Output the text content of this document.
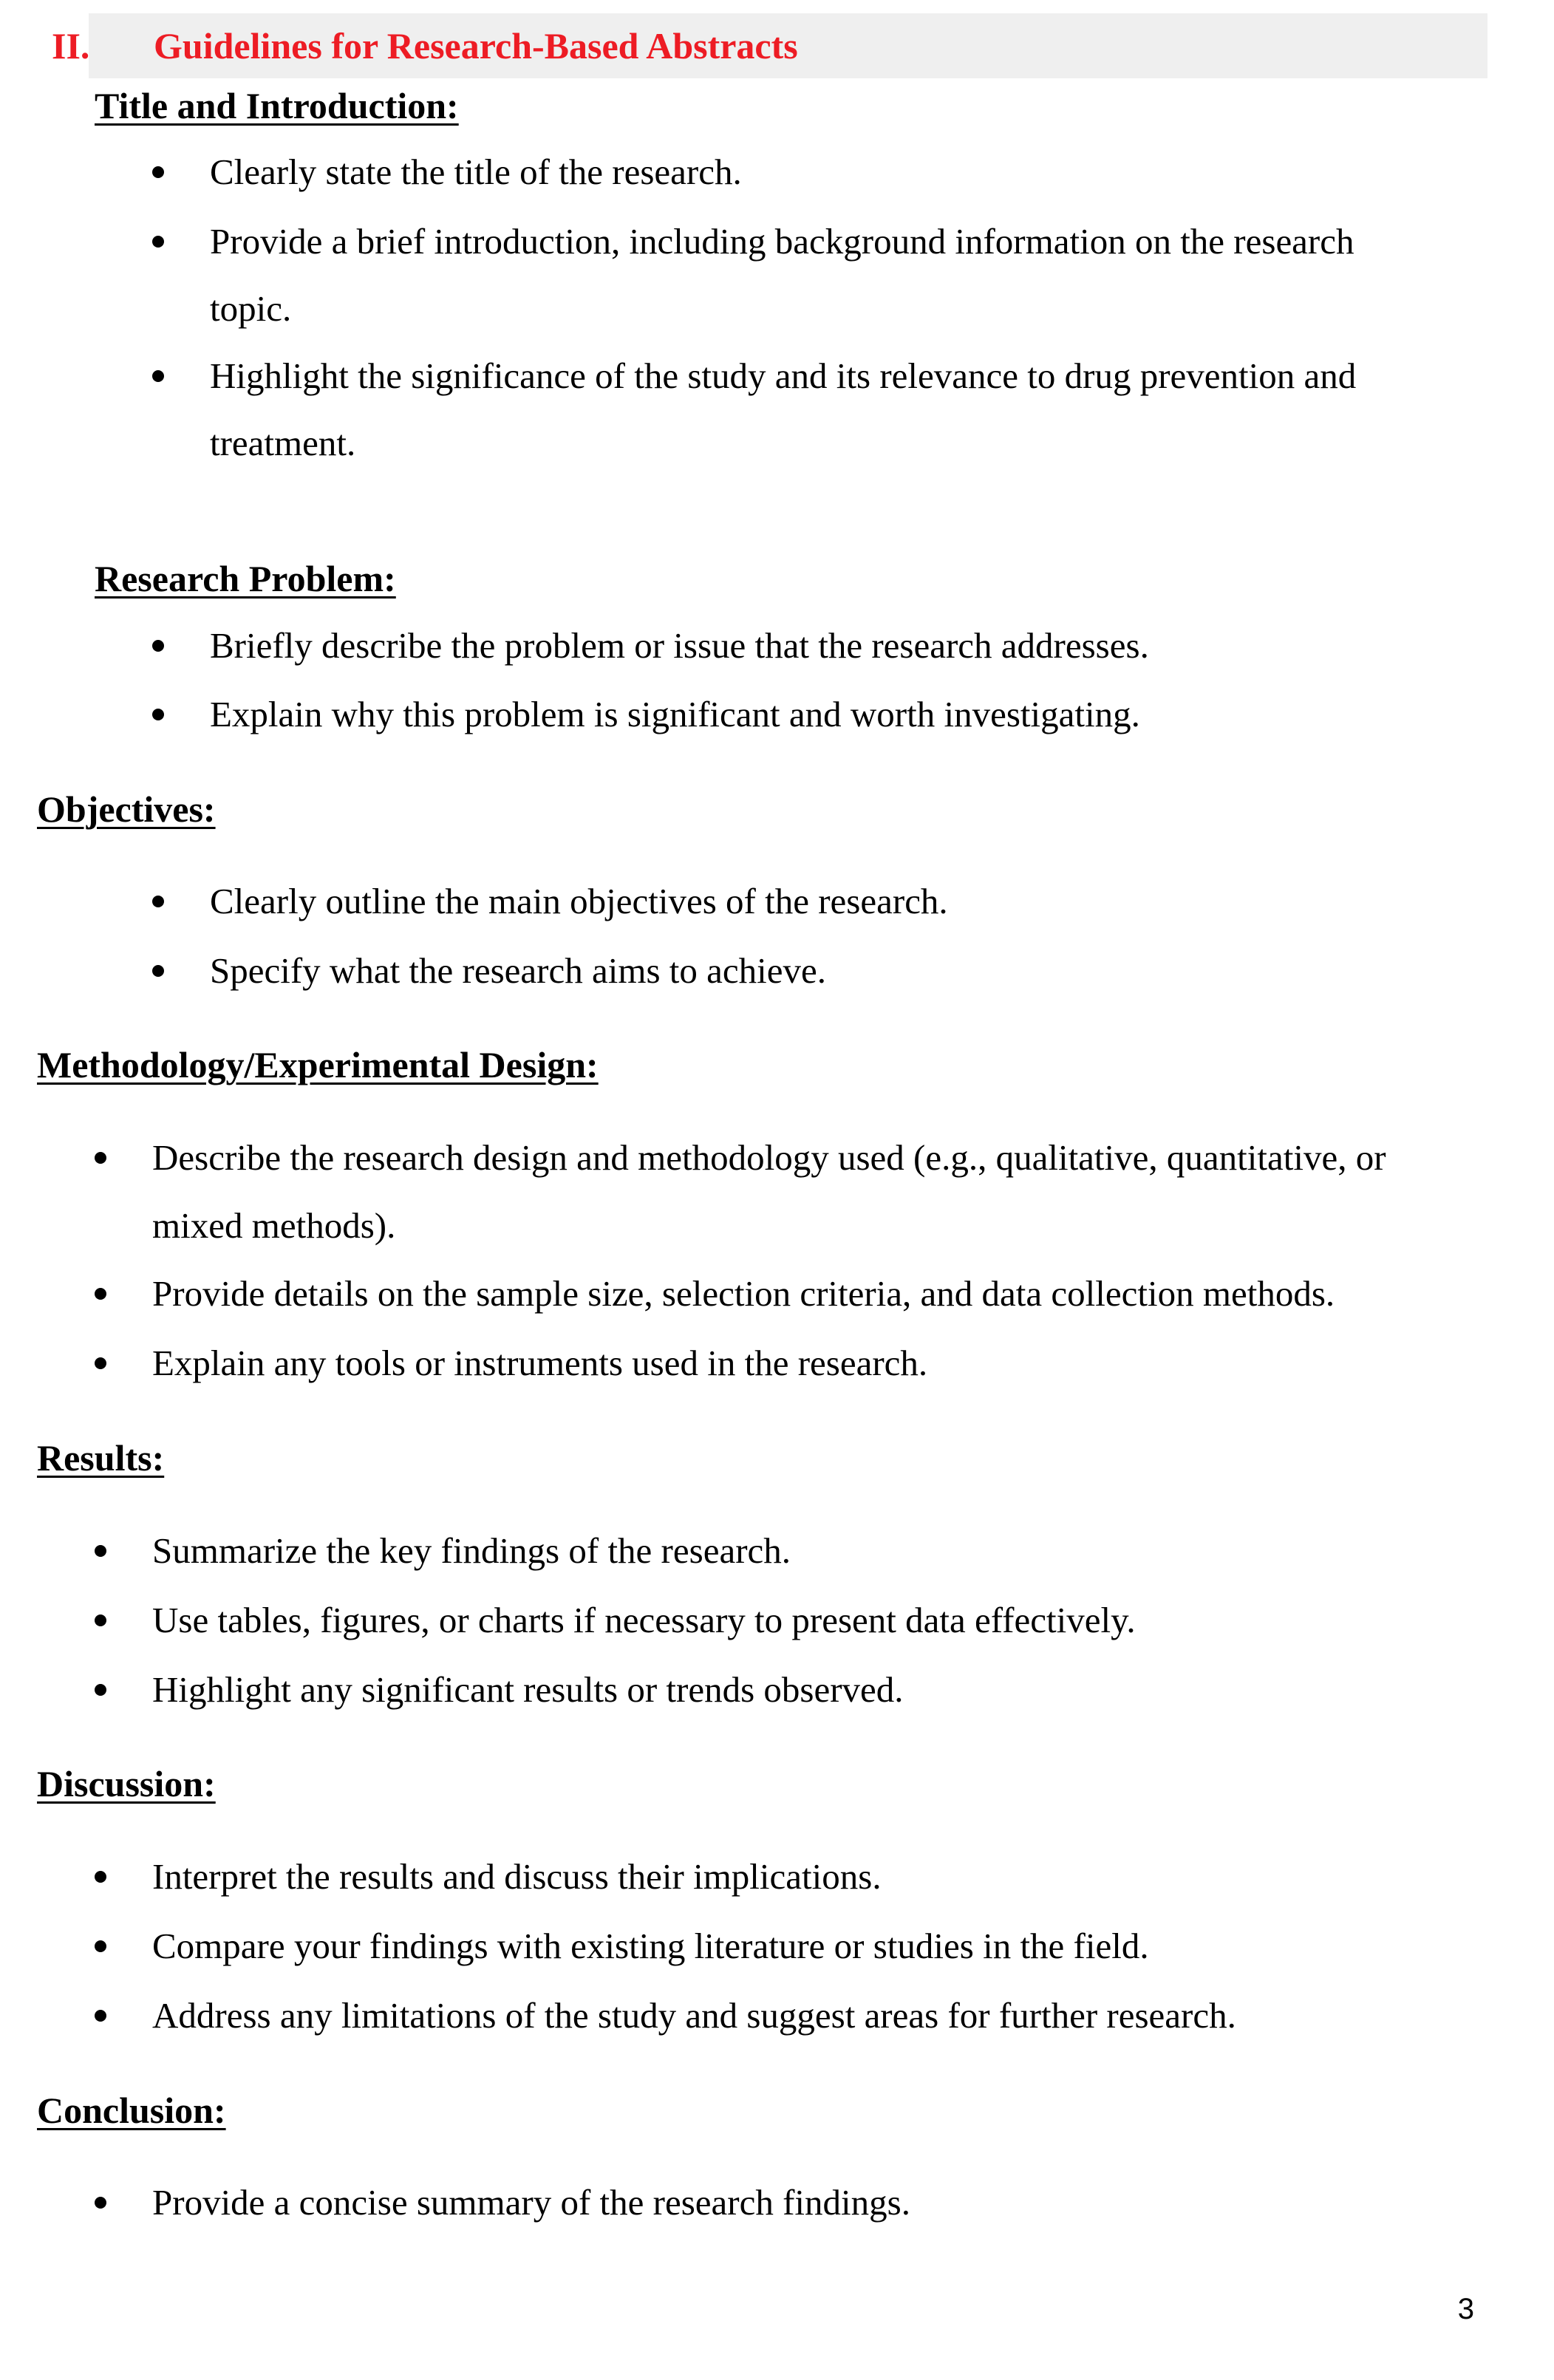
II.	Guidelines for Research-Based Abstracts
Title and Introduction:
Clearly state the title of the research.
Provide a brief introduction, including background information on the research
topic.
Highlight the significance of the study and its relevance to drug prevention and
treatment.
Research Problem:
Briefly describe the problem or issue that the research addresses.
Explain why this problem is significant and worth investigating.
Objectives:
Clearly outline the main objectives of the research.
Specify what the research aims to achieve.
Methodology/Experimental Design:
Describe the research design and methodology used (e.g., qualitative, quantitative, or
mixed methods).
Provide details on the sample size, selection criteria, and data collection methods.
Explain any tools or instruments used in the research.
Results:
Summarize the key findings of the research.
Use tables, figures, or charts if necessary to present data effectively.
Highlight any significant results or trends observed.
Discussion:
Interpret the results and discuss their implications.
Compare your findings with existing literature or studies in the field.
Address any limitations of the study and suggest areas for further research.
Conclusion:
Provide a concise summary of the research findings.
3
